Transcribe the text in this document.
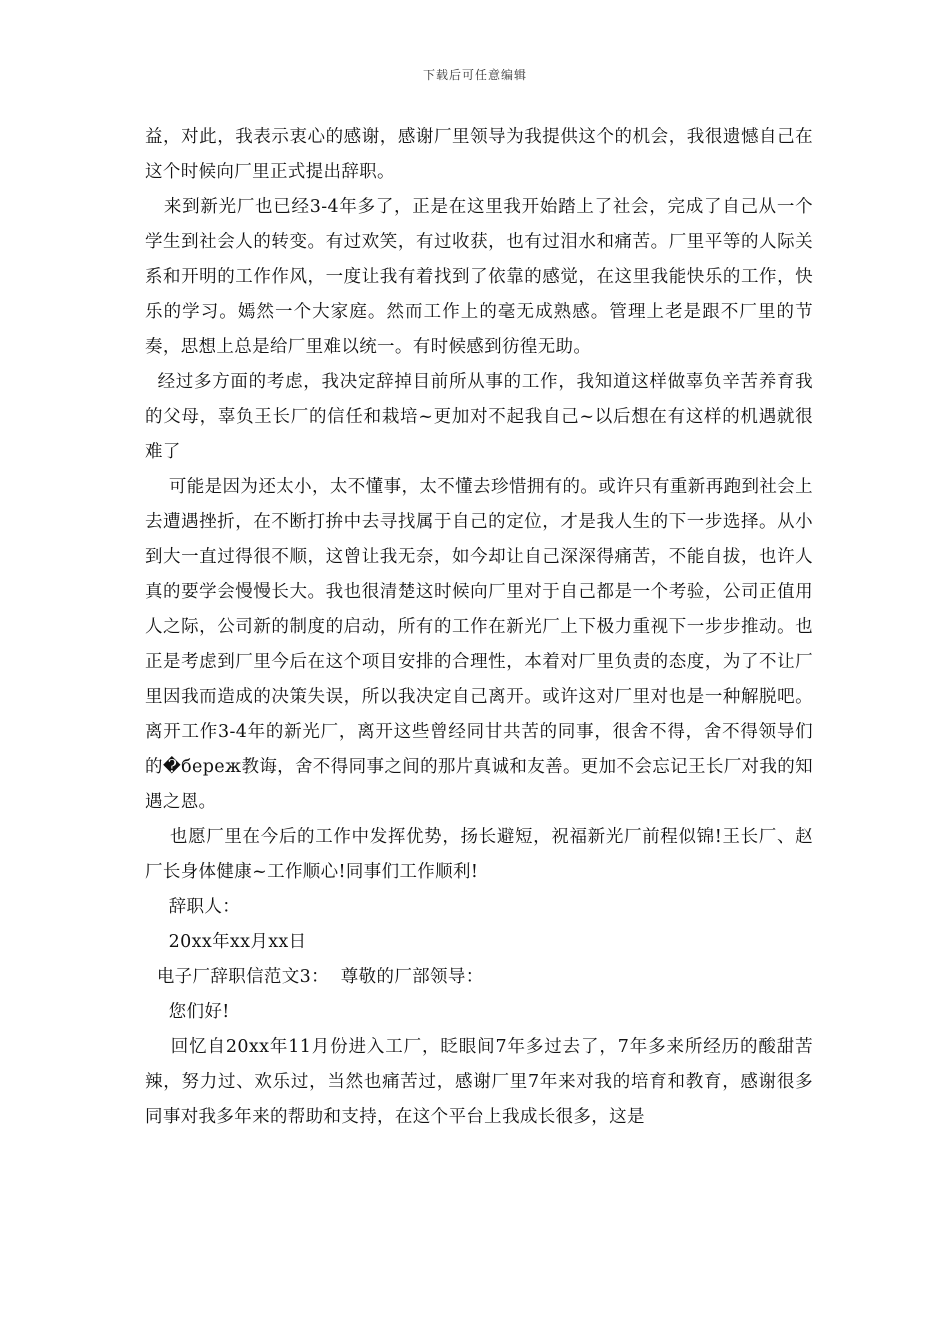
下载后可任意编辑

益，对此，我表示衷心的感谢，感谢厂里领导为我提供这个的机会，我很遗憾自己在这个时候向厂里正式提出辞职。

来到新光厂也已经3-4年多了，正是在这里我开始踏上了社会，完成了自己从一个学生到社会人的转变。有过欢笑，有过收获，也有过泪水和痛苦。厂里平等的人际关系和开明的工作作风，一度让我有着找到了依靠的感觉，在这里我能快乐的工作，快乐的学习。嫣然一个大家庭。然而工作上的毫无成熟感。管理上老是跟不厂里的节奏，思想上总是给厂里难以统一。有时候感到彷徨无助。

经过多方面的考虑，我决定辞掉目前所从事的工作，我知道这样做辜负辛苦养育我的父母，辜负王长厂的信任和栽培~更加对不起我自己~以后想在有这样的机遇就很难了

可能是因为还太小，太不懂事，太不懂去珍惜拥有的。或许只有重新再跑到社会上去遭遇挫折，在不断打拚中去寻找属于自己的定位，才是我人生的下一步选择。从小到大一直过得很不顺，这曾让我无奈，如今却让自己深深得痛苦，不能自拔，也许人真的要学会慢慢长大。我也很清楚这时候向厂里对于自己都是一个考验，公司正值用人之际，公司新的制度的启动，所有的工作在新光厂上下极力重视下一步步推动。也正是考虑到厂里今后在这个项目安排的合理性，本着对厂里负责的态度，为了不让厂里因我而造成的决策失误，所以我决定自己离开。或许这对厂里对也是一种解脱吧。离开工作3-4年的新光厂，离开这些曾经同甘共苦的同事，很舍不得，舍不得领导们的�береж教诲，舍不得同事之间的那片真诚和友善。更加不会忘记王长厂对我的知遇之恩。

也愿厂里在今后的工作中发挥优势，扬长避短，祝福新光厂前程似锦!王长厂、赵厂长身体健康~工作顺心!同事们工作顺利!

辞职人：

20xx年xx月xx日

电子厂辞职信范文3：  尊敬的厂部领导：

您们好!

回忆自20xx年11月份进入工厂，眨眼间7年多过去了，7年多来所经历的酸甜苦辣，努力过、欢乐过，当然也痛苦过，感谢厂里7年来对我的培育和教育，感谢很多同事对我多年来的帮助和支持，在这个平台上我成长很多，这是
